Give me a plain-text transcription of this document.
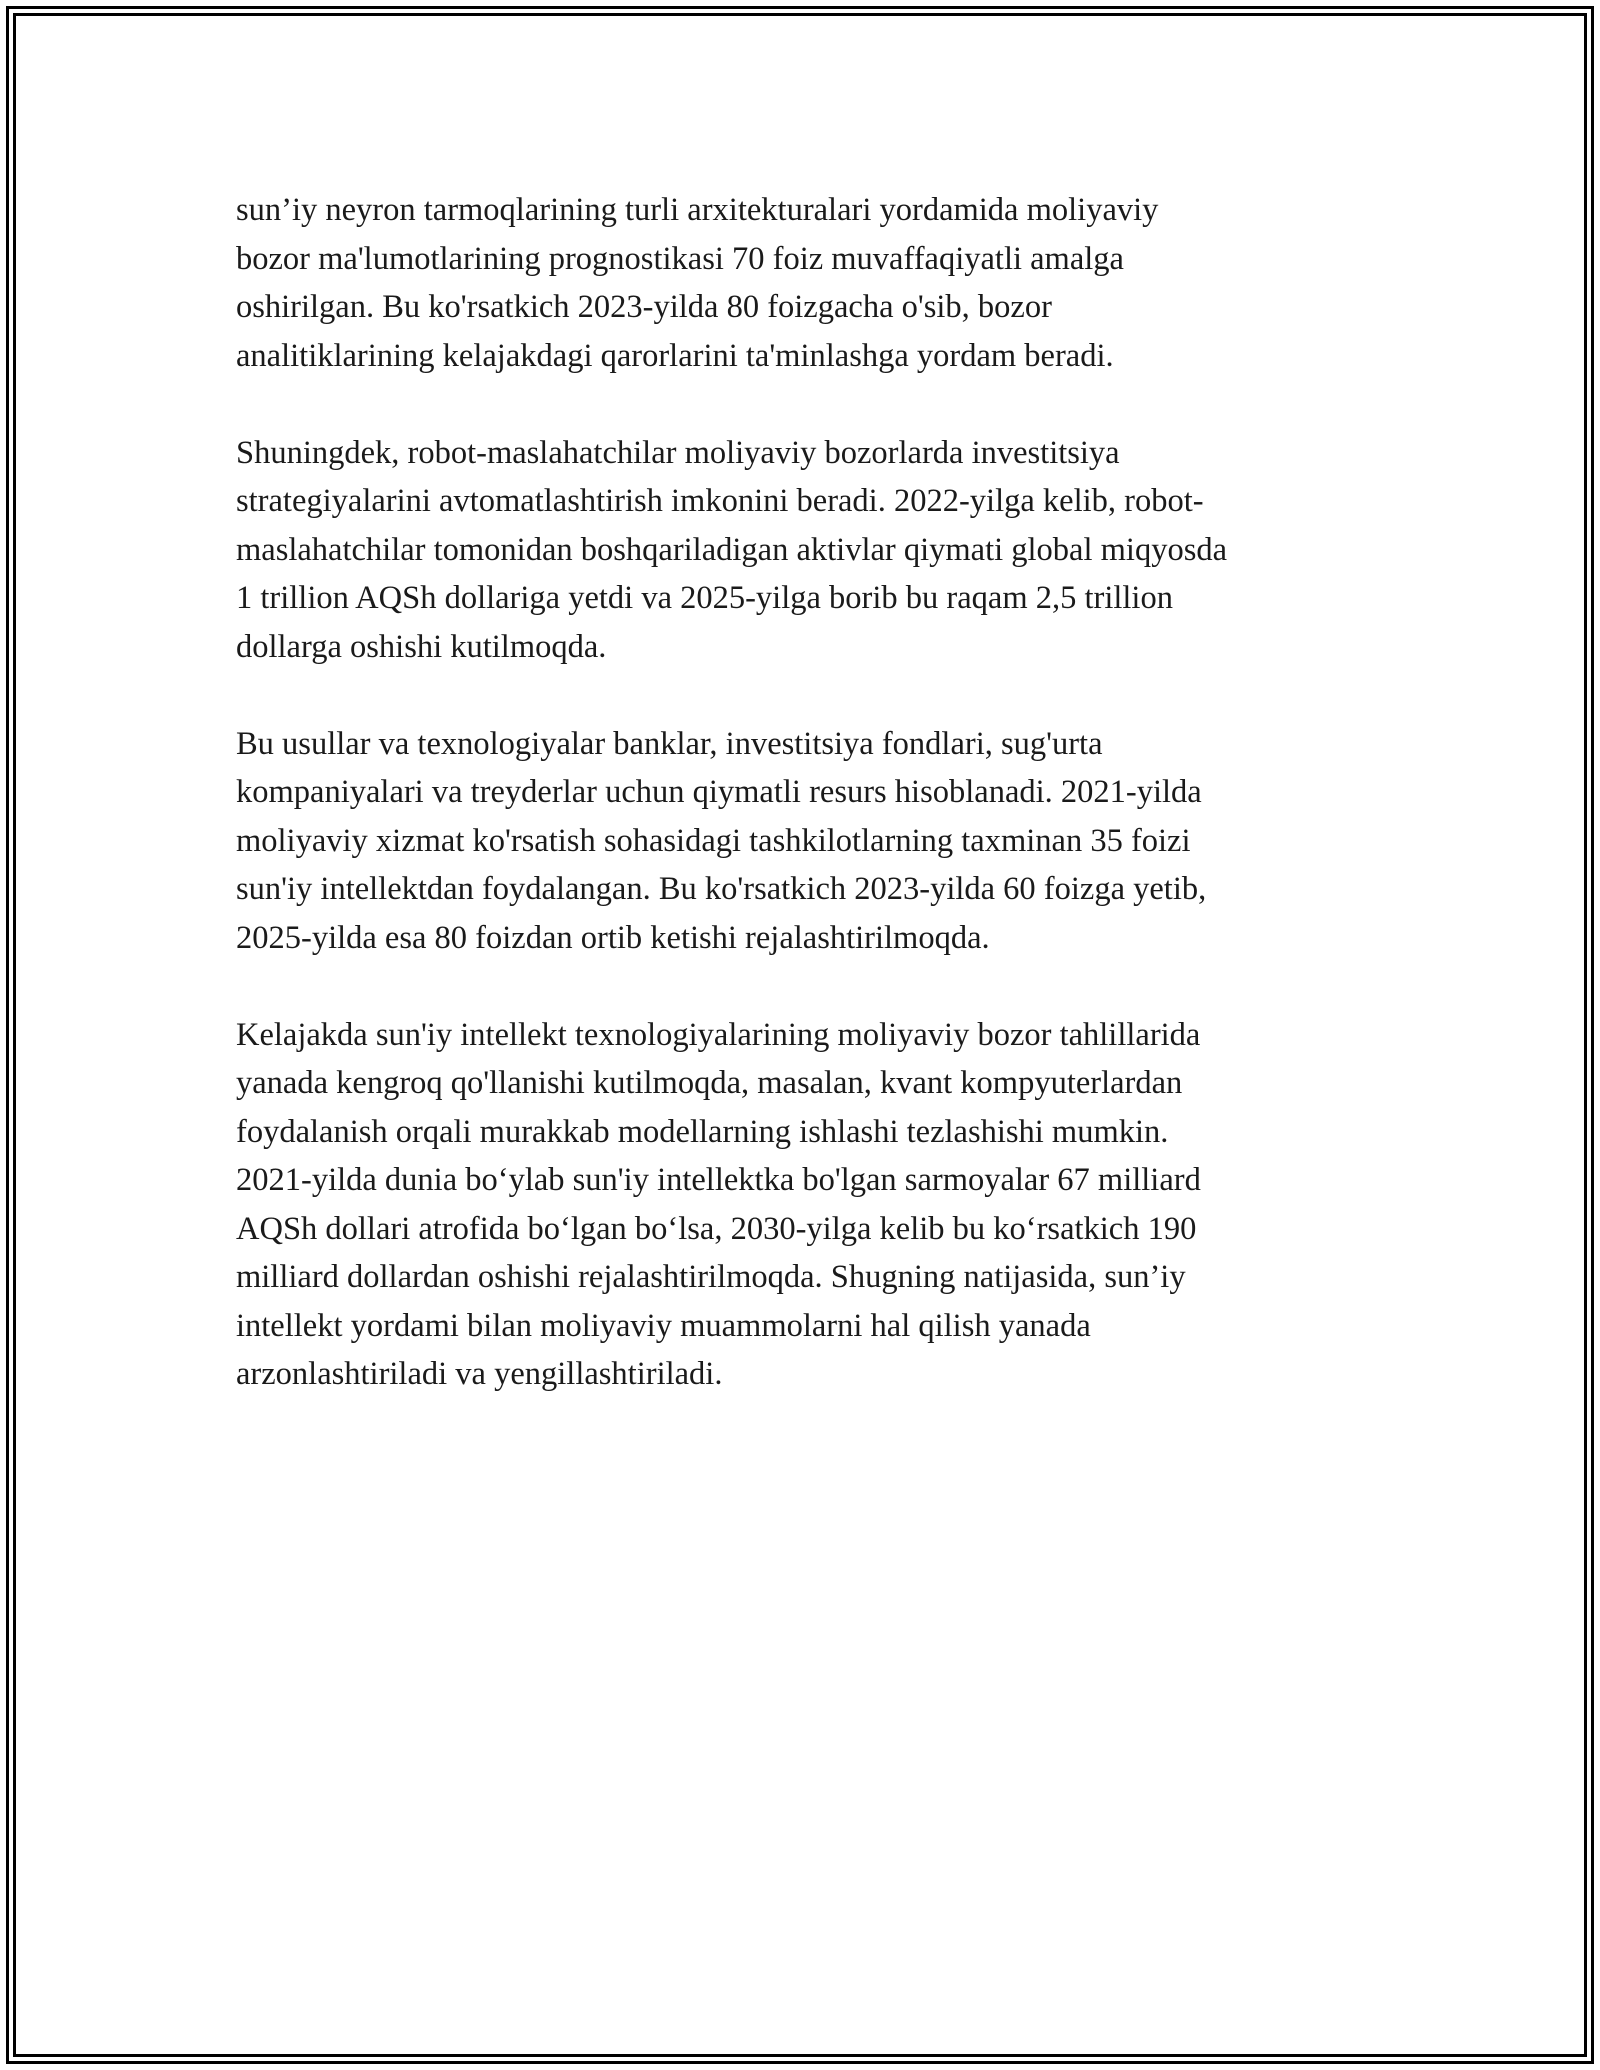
sun’iy neyron tarmoqlarining turli arxitekturalari yordamida moliyaviy
bozor ma'lumotlarining prognostikasi 70 foiz muvaffaqiyatli amalga
oshirilgan. Bu ko'rsatkich 2023-yilda 80 foizgacha o'sib, bozor
analitiklarining kelajakdagi qarorlarini ta'minlashga yordam beradi.

Shuningdek, robot-maslahatchilar moliyaviy bozorlarda investitsiya
strategiyalarini avtomatlashtirish imkonini beradi. 2022-yilga kelib, robot-
maslahatchilar tomonidan boshqariladigan aktivlar qiymati global miqyosda
1 trillion AQSh dollariga yetdi va 2025-yilga borib bu raqam 2,5 trillion
dollarga oshishi kutilmoqda.

Bu usullar va texnologiyalar banklar, investitsiya fondlari, sug'urta
kompaniyalari va treyderlar uchun qiymatli resurs hisoblanadi. 2021-yilda
moliyaviy xizmat ko'rsatish sohasidagi tashkilotlarning taxminan 35 foizi
sun'iy intellektdan foydalangan. Bu ko'rsatkich 2023-yilda 60 foizga yetib,
2025-yilda esa 80 foizdan ortib ketishi rejalashtirilmoqda.

Kelajakda sun'iy intellekt texnologiyalarining moliyaviy bozor tahlillarida
yanada kengroq qo'llanishi kutilmoqda, masalan, kvant kompyuterlardan
foydalanish orqali murakkab modellarning ishlashi tezlashishi mumkin.
2021-yilda dunia bo‘ylab sun'iy intellektka bo'lgan sarmoyalar 67 milliard
AQSh dollari atrofida bo‘lgan bo‘lsa, 2030-yilga kelib bu ko‘rsatkich 190
milliard dollardan oshishi rejalashtirilmoqda. Shugning natijasida, sun’iy
intellekt yordami bilan moliyaviy muammolarni hal qilish yanada
arzonlashtiriladi va yengillashtiriladi.
